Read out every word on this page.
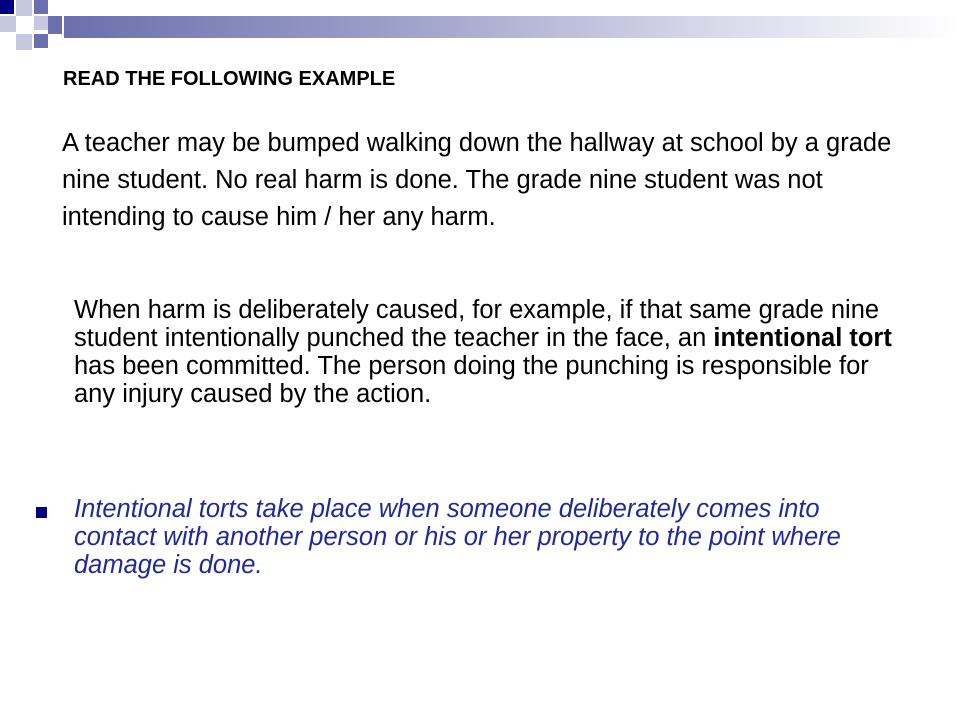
READ THE FOLLOWING EXAMPLE

A teacher may be bumped walking down the hallway at school by a grade nine student. No real harm is done. The grade nine student was not intending to cause him / her any harm.

When harm is deliberately caused, for example, if that same grade nine student intentionally punched the teacher in the face, an intentional tort has been committed. The person doing the punching is responsible for any injury caused by the action.

Intentional torts take place when someone deliberately comes into contact with another person or his or her property to the point where damage is done.
